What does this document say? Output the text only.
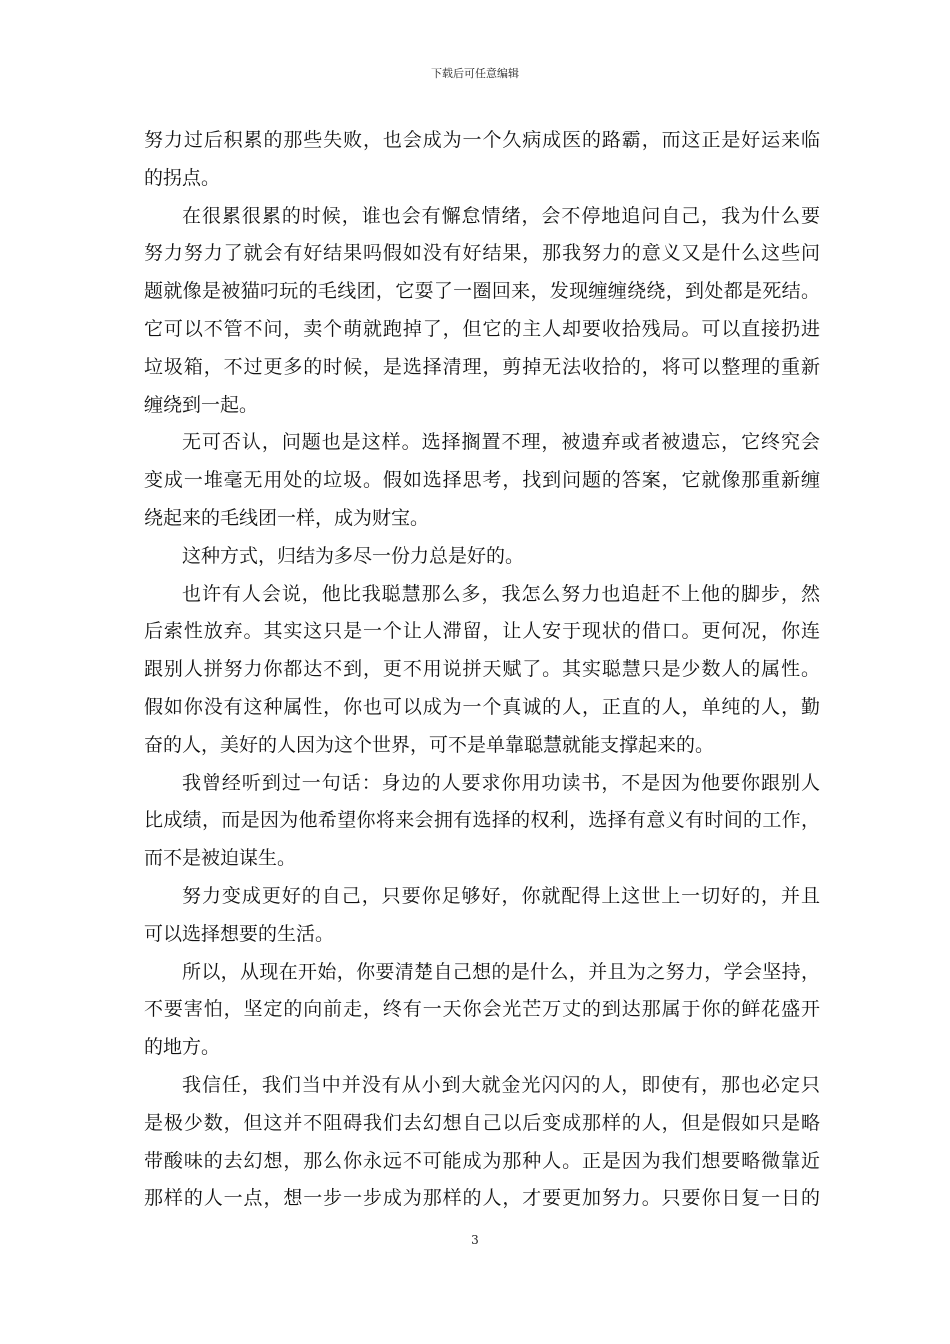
下载后可任意编辑
努力过后积累的那些失败，也会成为一个久病成医的路霸，而这正是好运来临
的拐点。
在很累很累的时候，谁也会有懈怠情绪，会不停地追问自己，我为什么要
努力努力了就会有好结果吗假如没有好结果，那我努力的意义又是什么这些问
题就像是被猫叼玩的毛线团，它耍了一圈回来，发现缠缠绕绕，到处都是死结。
它可以不管不问，卖个萌就跑掉了，但它的主人却要收拾残局。可以直接扔进
垃圾箱，不过更多的时候，是选择清理，剪掉无法收拾的，将可以整理的重新
缠绕到一起。
无可否认，问题也是这样。选择搁置不理，被遗弃或者被遗忘，它终究会
变成一堆毫无用处的垃圾。假如选择思考，找到问题的答案，它就像那重新缠
绕起来的毛线团一样，成为财宝。
这种方式，归结为多尽一份力总是好的。
也许有人会说，他比我聪慧那么多，我怎么努力也追赶不上他的脚步，然
后索性放弃。其实这只是一个让人滞留，让人安于现状的借口。更何况，你连
跟别人拼努力你都达不到，更不用说拼天赋了。其实聪慧只是少数人的属性。
假如你没有这种属性，你也可以成为一个真诚的人，正直的人，单纯的人，勤
奋的人，美好的人因为这个世界，可不是单靠聪慧就能支撑起来的。
我曾经听到过一句话：身边的人要求你用功读书，不是因为他要你跟别人
比成绩，而是因为他希望你将来会拥有选择的权利，选择有意义有时间的工作，
而不是被迫谋生。
努力变成更好的自己，只要你足够好，你就配得上这世上一切好的，并且
可以选择想要的生活。
所以，从现在开始，你要清楚自己想的是什么，并且为之努力，学会坚持，
不要害怕，坚定的向前走，终有一天你会光芒万丈的到达那属于你的鲜花盛开
的地方。
我信任，我们当中并没有从小到大就金光闪闪的人，即使有，那也必定只
是极少数，但这并不阻碍我们去幻想自己以后变成那样的人，但是假如只是略
带酸味的去幻想，那么你永远不可能成为那种人。正是因为我们想要略微靠近
那样的人一点，想一步一步成为那样的人，才要更加努力。只要你日复一日的
3
